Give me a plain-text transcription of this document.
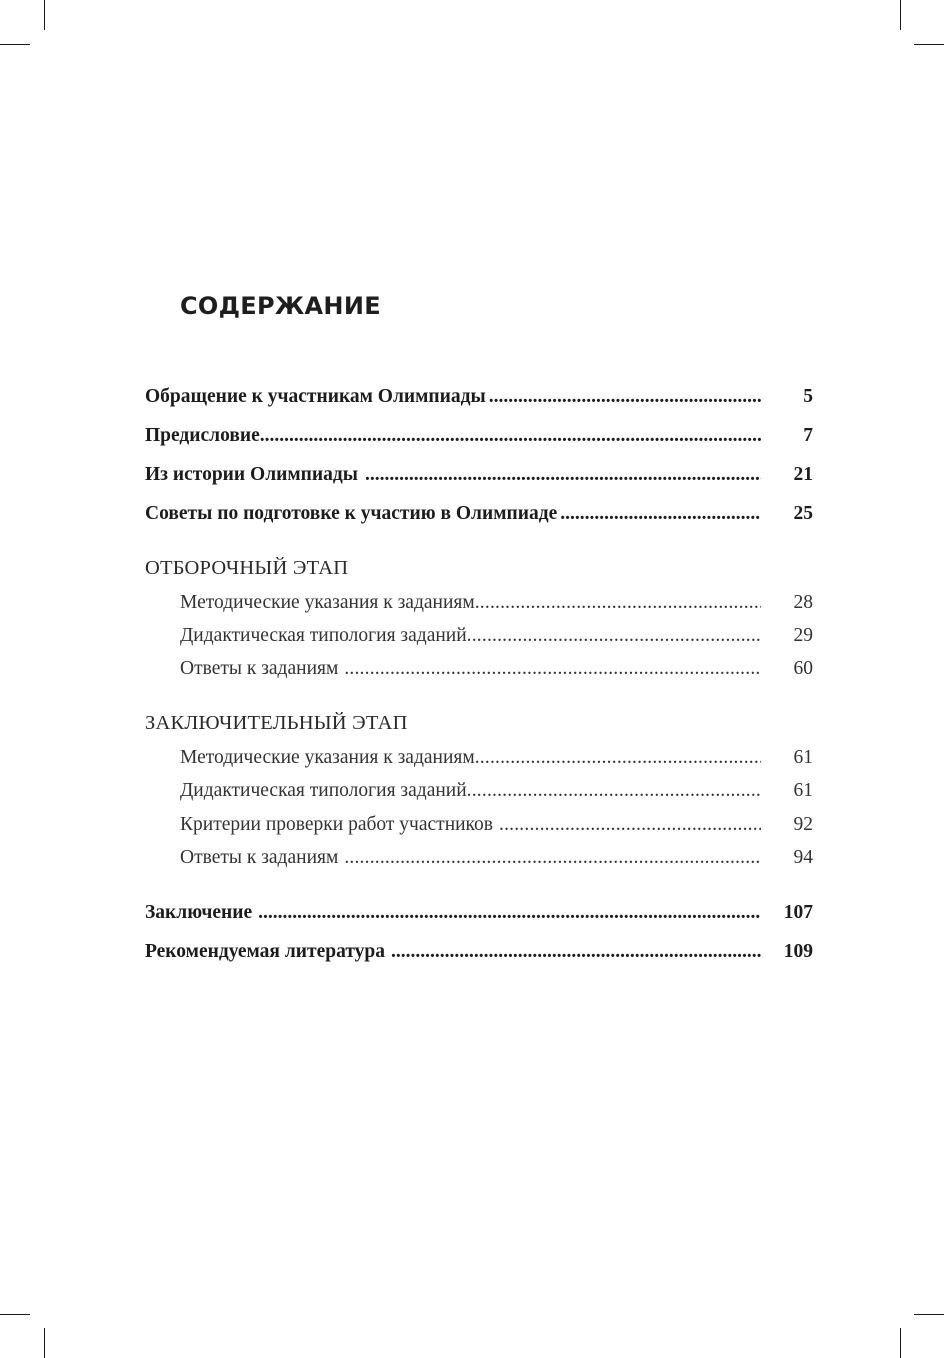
СОДЕРЖАНИЕ
Обращение к участникам Олимпиады .....	5
Предисловие .....	7
Из истории Олимпиады .....	21
Советы по подготовке к участию в Олимпиаде .....	25
ОТБОРОЧНЫЙ ЭТАП
Методические указания к заданиям .....	28
Дидактическая типология заданий .....	29
Ответы к заданиям .....	60
ЗАКЛЮЧИТЕЛЬНЫЙ ЭТАП
Методические указания к заданиям .....	61
Дидактическая типология заданий .....	61
Критерии проверки работ участников .....	92
Ответы к заданиям .....	94
Заключение .....	107
Рекомендуемая литература .....	109
